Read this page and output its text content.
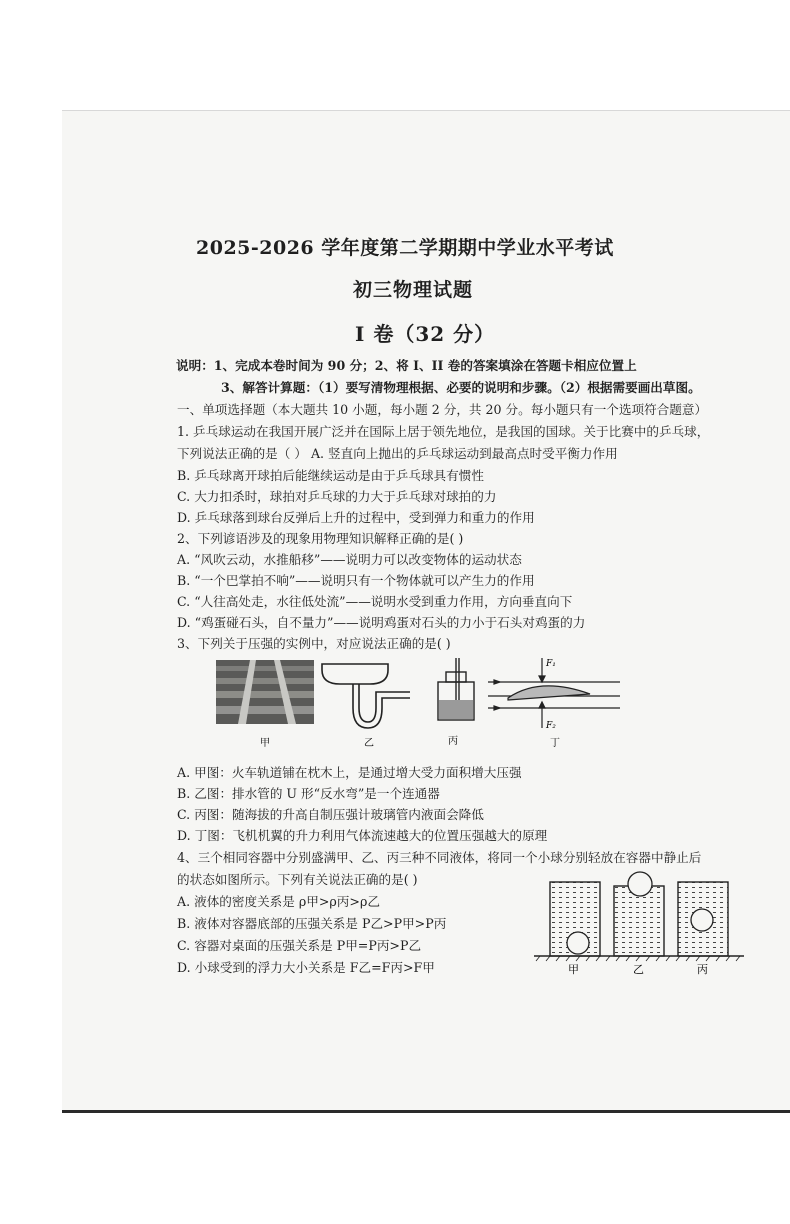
2025-2026 学年度第二学期期中学业水平考试
初三物理试题
I 卷（32 分）
说明：1、完成本卷时间为 90 分；2、将 I、II 卷的答案填涂在答题卡相应位置上
3、解答计算题：（1）要写清物理根据、必要的说明和步骤。（2）根据需要画出草图。
一、单项选择题（本大题共 10 小题，每小题 2 分，共 20 分。每小题只有一个选项符合题意）
1. 乒乓球运动在我国开展广泛并在国际上居于领先地位，是我国的国球。关于比赛中的乒乓球，
下列说法正确的是（ ） A. 竖直向上抛出的乒乓球运动到最高点时受平衡力作用
B. 乒乓球离开球拍后能继续运动是由于乒乓球具有惯性
C. 大力扣杀时，球拍对乒乓球的力大于乒乓球对球拍的力
D. 乒乓球落到球台反弹后上升的过程中，受到弹力和重力的作用
2、下列谚语涉及的现象用物理知识解释正确的是( )
A. “风吹云动，水推船移”——说明力可以改变物体的运动状态
B. “一个巴掌拍不响”——说明只有一个物体就可以产生力的作用
C. “人往高处走，水往低处流”——说明水受到重力作用，方向垂直向下
D. “鸡蛋碰石头，自不量力”——说明鸡蛋对石头的力小于石头对鸡蛋的力
3、下列关于压强的实例中，对应说法正确的是( )
F₁
F₂
甲	乙	丙	丁
A. 甲图：火车轨道铺在枕木上，是通过增大受力面积增大压强
B. 乙图：排水管的 U 形“反水弯”是一个连通器
C. 丙图：随海拔的升高自制压强计玻璃管内液面会降低
D. 丁图：飞机机翼的升力利用气体流速越大的位置压强越大的原理
4、三个相同容器中分别盛满甲、乙、丙三种不同液体，将同一个小球分别轻放在容器中静止后
的状态如图所示。下列有关说法正确的是( )
A. 液体的密度关系是 ρ甲>ρ丙>ρ乙
B. 液体对容器底部的压强关系是 P乙>P甲>P丙
C. 容器对桌面的压强关系是 P甲=P丙>P乙
D. 小球受到的浮力大小关系是 F乙=F丙>F甲	甲	乙	丙
